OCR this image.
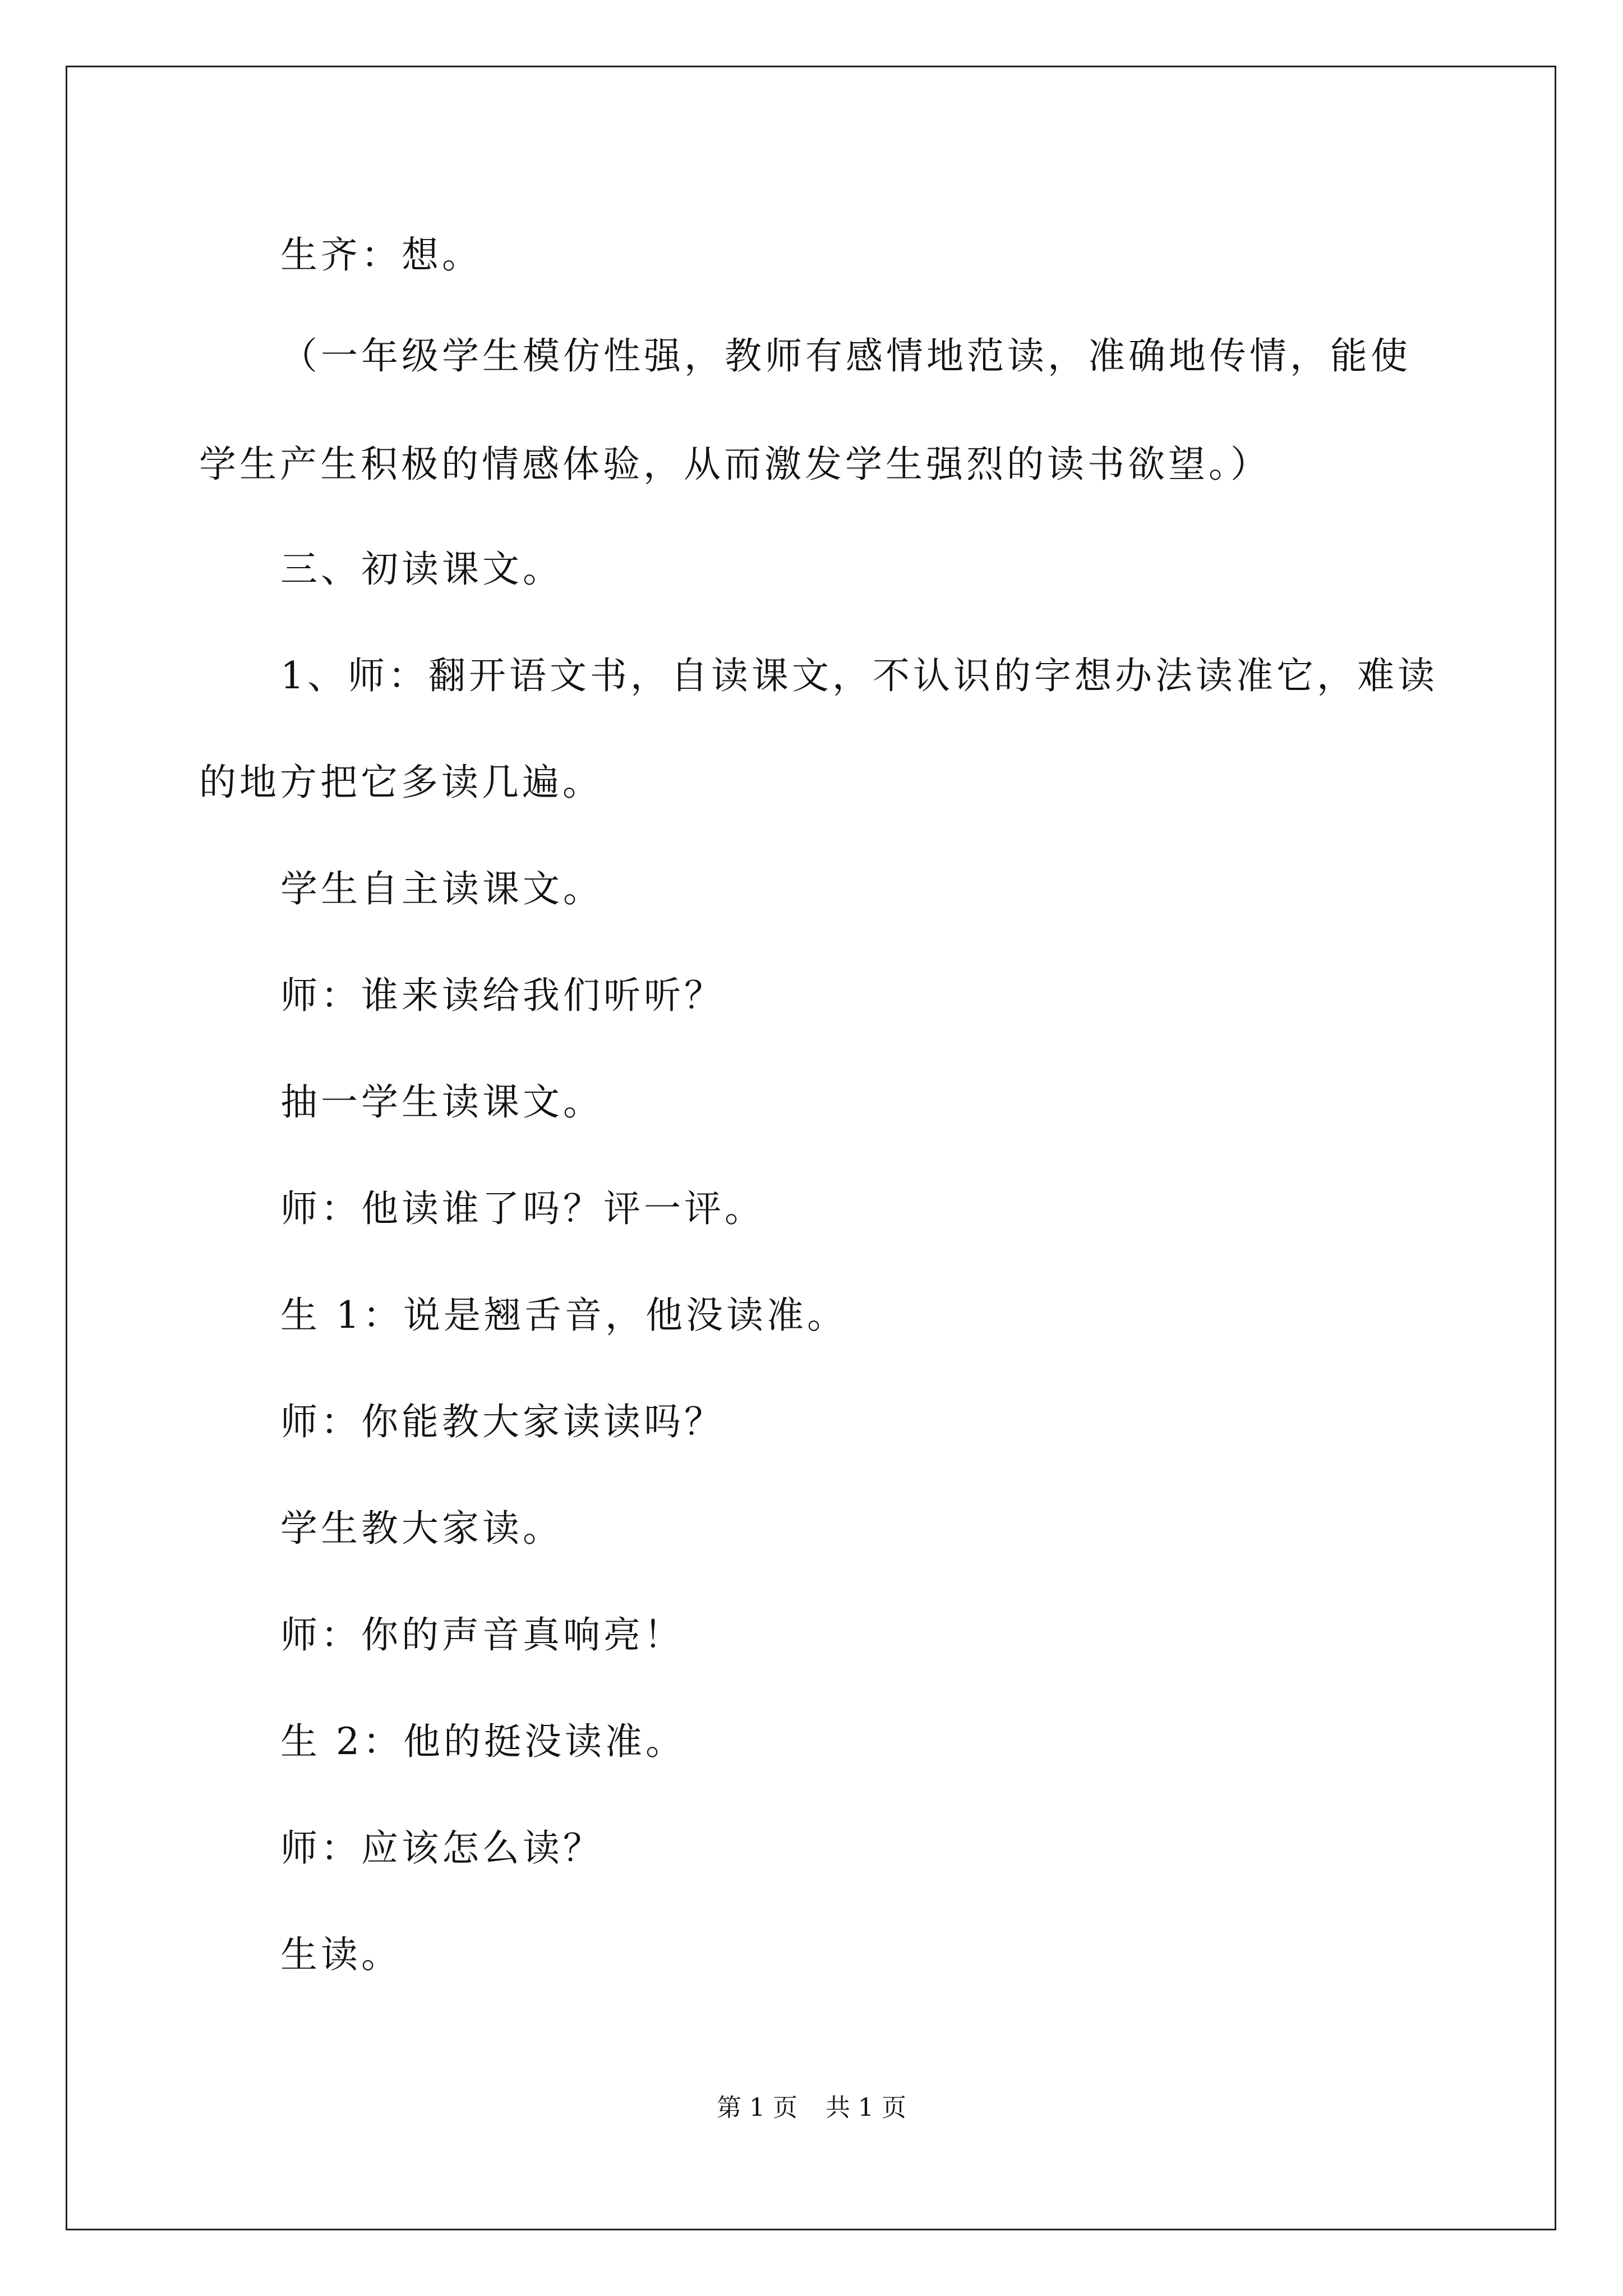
生齐：想。

（一年级学生模仿性强，教师有感情地范读，准确地传情，能使

学生产生积极的情感体验，从而激发学生强烈的读书欲望。）

三、初读课文。

1、师：翻开语文书，自读课文，不认识的字想办法读准它，难读

的地方把它多读几遍。

学生自主读课文。

师：谁来读给我们听听？

抽一学生读课文。

师：他读谁了吗？评一评。

生 1：说是翘舌音，他没读准。

师：你能教大家读读吗？

学生教大家读。

师：你的声音真响亮！

生 2：他的挺没读准。

师：应该怎么读？

生读。

第 1 页 共 1 页
